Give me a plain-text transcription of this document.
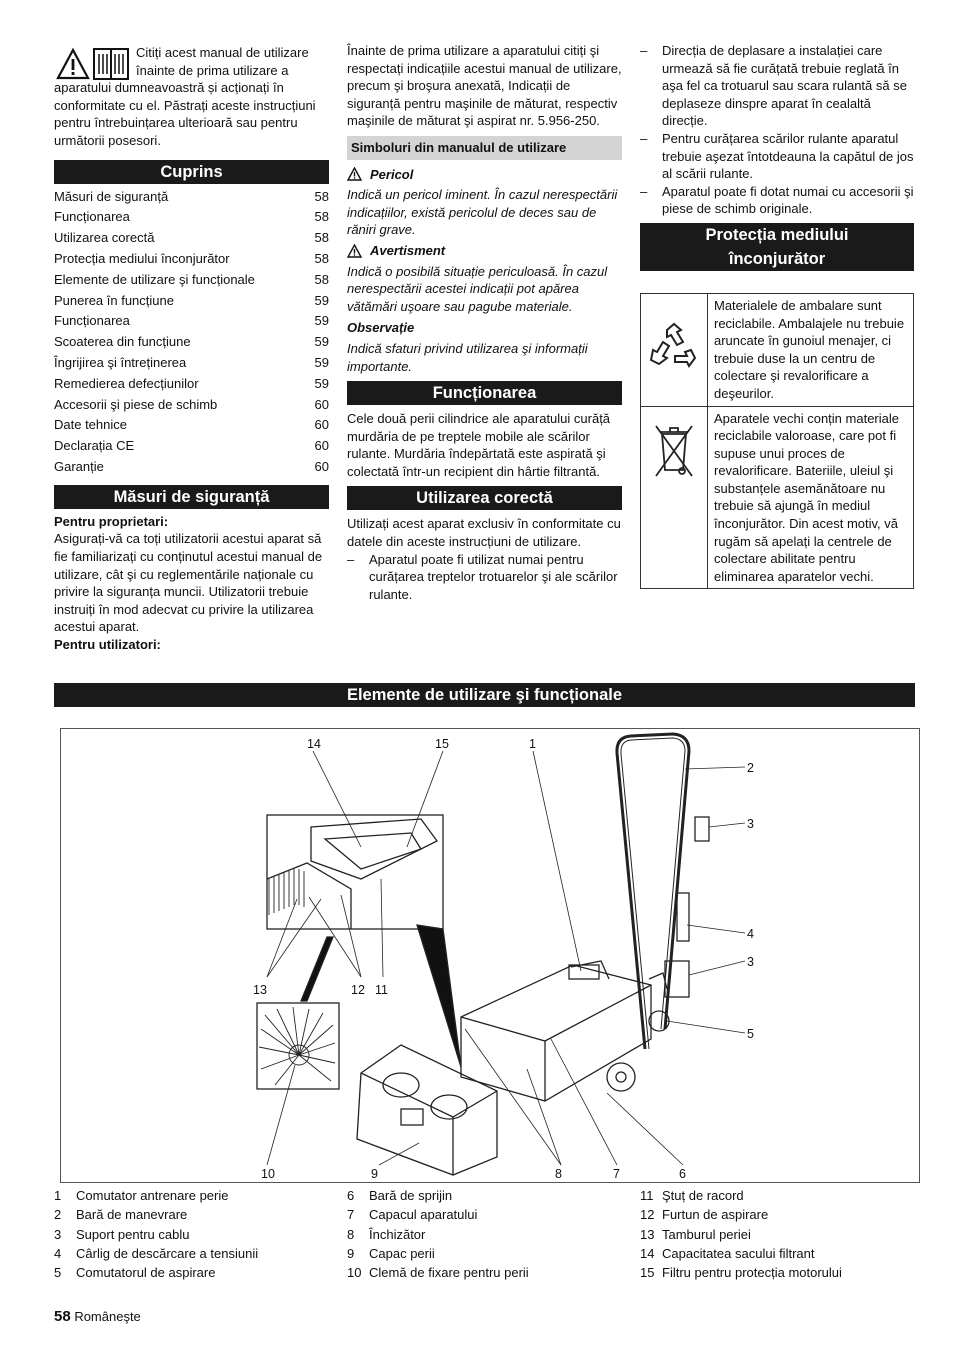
Citiți acest manual de utilizare
înainte de prima utilizare a
aparatului dumneavoastră și acționați în conformitate cu el. Păstrați aceste instrucțiuni pentru întrebuințarea ulterioară sau pentru următorii posesori.
Cuprins
Măsuri de siguranță	58
Funcționarea	58
Utilizarea corectă	58
Protecția mediului înconjurător	58
Elemente de utilizare şi funcționale	58
Punerea în funcțiune	59
Funcționarea	59
Scoaterea din funcțiune	59
Îngrijirea şi întreținerea	59
Remedierea defecțiunilor	59
Accesorii şi piese de schimb	60
Date tehnice	60
Declarația CE	60
Garanție	60
Măsuri de siguranță
Pentru proprietari:

Asigurați-vă ca toți utilizatorii acestui aparat să fie familiarizați cu conținutul acestui manual de utilizare, cât şi cu reglementările naționale cu privire la siguranța muncii. Utilizatorii trebuie instruiți în mod adecvat cu privire la utilizarea acestui aparat.

Pentru utilizatori:

Înainte de prima utilizare a aparatului citiți şi respectați indicațiile acestui manual de utilizare, precum şi broşura anexată, Indicații de siguranță pentru maşinile de măturat, respectiv maşinile de măturat şi aspirat nr. 5.956-250.

Simboluri din manualul de utilizare
Pericol

Indică un pericol iminent. În cazul nerespectării indicațiilor, există pericolul de deces sau de răniri grave.

Avertisment

Indică o posibilă situație periculoasă. În cazul nerespectării acestei indicații pot apărea vătămări uşoare sau pagube materiale.

Observație

Indică sfaturi privind utilizarea şi informații importante.

Funcționarea

Cele două perii cilindrice ale aparatului curăță murdăria de pe treptele mobile ale scărilor rulante. Murdăria îndepărtată este aspirată şi colectată într-un recipient din hârtie filtrantă.

Utilizarea corectă

Utilizați acest aparat exclusiv în conformitate cu datele din aceste instrucțiuni de utilizare.

–	Aparatul poate fi utilizat numai pentru curățarea treptelor trotuarelor şi ale scărilor rulante.
–	Direcția de deplasare a instalației care urmează să fie curățată trebuie reglată în aşa fel ca trotuarul sau scara rulantă să se deplaseze dinspre aparat în cealaltă direcție.
–	Pentru curățarea scărilor rulante aparatul trebuie aşezat întotdeauna la capătul de jos al scării rulante.
–	Aparatul poate fi dotat numai cu accesorii şi piese de schimb originale.
Protecția mediului
înconjurător
	Materialele de ambalare sunt reciclabile. Ambalajele nu trebuie aruncate în gunoiul menajer, ci trebuie duse la un centru de colectare şi revalorificare a deşeurilor.
	Aparatele vechi conțin materiale reciclabile valoroase, care pot fi supuse unui proces de revalorificare. Bateriile, uleiul şi substanțele asemănătoare nu trebuie să ajungă în mediul înconjurător. Din acest motiv, vă rugăm să apelați la centrele de colectare abilitate pentru eliminarea aparatelor vechi.
Elemente de utilizare şi funcționale
14	15	1
2
3
4
3
5
13	12 11
10	9	8	7	6
1	Comutator antrenare perie
2	Bară de manevrare
3	Suport pentru cablu
4	Cârlig de descărcare a tensiunii
5	Comutatorul de aspirare
6	Bară de sprijin
7	Capacul aparatului
8	Închizător
9	Capac perii
10 Clemă de fixare pentru perii
11 Ştuț de racord
12 Furtun de aspirare
13 Tamburul periei
14 Capacitatea sacului filtrant
15 Filtru pentru protecția motorului
58 Româneşte
